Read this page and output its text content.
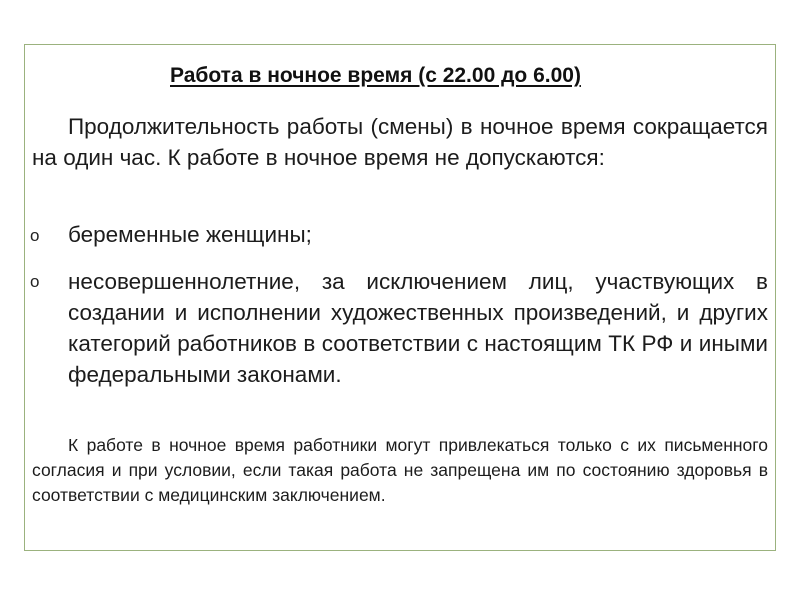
Работа в ночное время (с 22.00 до 6.00)
Продолжительность работы (смены) в ночное время сокращается на один час. К работе в ночное время не допускаются:
o беременные женщины;
o несовершеннолетние, за исключением лиц, участвующих в создании и исполнении художественных произведений, и других категорий работников в соответствии с настоящим ТК РФ и иными федеральными законами.
К работе в ночное время работники могут привлекаться только с их письменного согласия и при условии, если такая работа не запрещена им по состоянию здоровья в соответствии с медицинским заключением.
